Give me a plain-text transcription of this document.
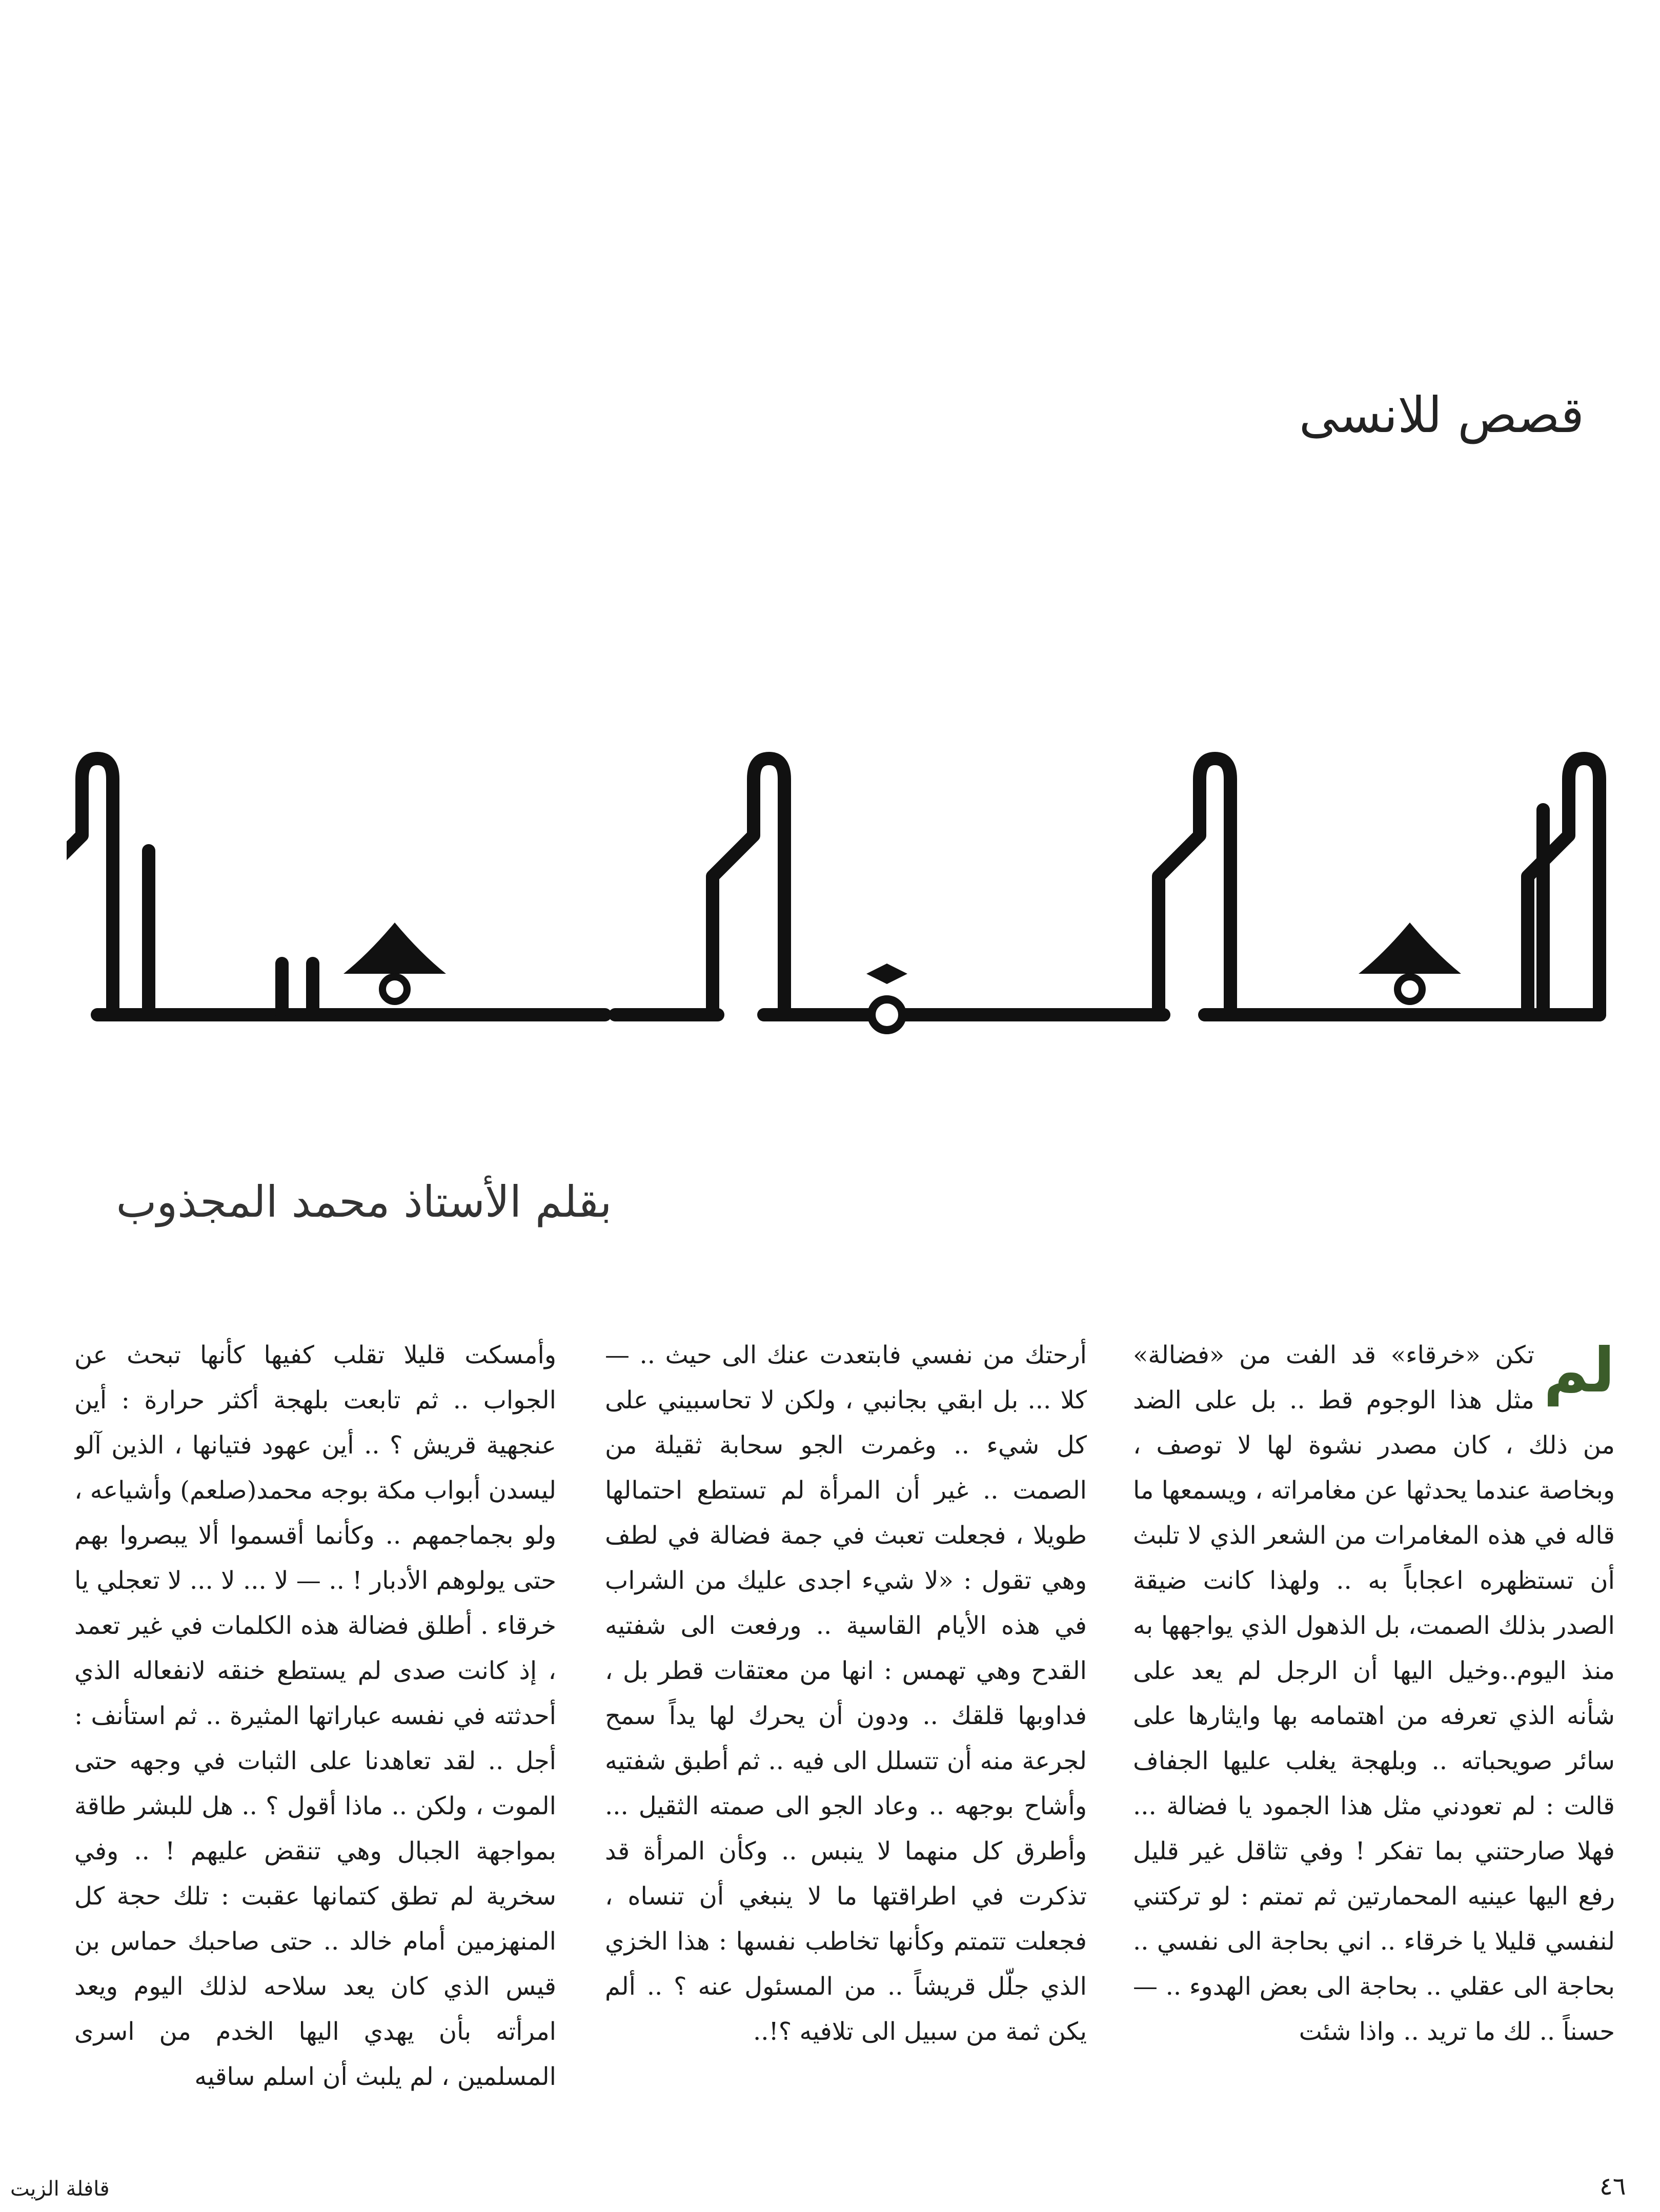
قصص للانسى
بقلم الأستاذ محمد المجذوب
لم

تكن «خرقاء» قد الفت من «فضالة» مثل هذا الوجوم قط .. بل على الضد من ذلك ، كان مصدر نشوة لها لا توصف ، وبخاصة عندما يحدثها عن مغامراته ، ويسمعها ما قاله في هذه المغامرات من الشعر الذي لا تلبث أن تستظهره اعجاباً به .. ولهذا كانت ضيقة الصدر بذلك الصمت، بل الذهول الذي يواجهها به منذ اليوم..وخيل اليها أن الرجل لم يعد على شأنه الذي تعرفه من اهتمامه بها وايثارها على سائر صويحباته .. وبلهجة يغلب عليها الجفاف قالت : لم تعودني مثل هذا الجمود يا فضالة ... فهلا صارحتني بما تفكر ! وفي تثاقل غير قليل رفع اليها عينيه المحمارتين ثم تمتم : لو تركتني لنفسي قليلا يا خرقاء .. اني بحاجة الى نفسي .. بحاجة الى عقلي .. بحاجة الى بعض الهدوء .. — حسناً .. لك ما تريد .. واذا شئت

أرحتك من نفسي فابتعدت عنك الى حيث .. — كلا ... بل ابقي بجانبي ، ولكن لا تحاسبيني على كل شيء .. وغمرت الجو سحابة ثقيلة من الصمت .. غير أن المرأة لم تستطع احتمالها طويلا ، فجعلت تعبث في جمة فضالة في لطف وهي تقول : «لا شيء اجدى عليك من الشراب في هذه الأيام القاسية .. ورفعت الى شفتيه القدح وهي تهمس : انها من معتقات قطر بل ، فداوبها قلقك .. ودون أن يحرك لها يداً سمح لجرعة منه أن تتسلل الى فيه .. ثم أطبق شفتيه وأشاح بوجهه .. وعاد الجو الى صمته الثقيل ... وأطرق كل منهما لا ينبس .. وكأن المرأة قد تذكرت في اطراقتها ما لا ينبغي أن تنساه ، فجعلت تتمتم وكأنها تخاطب نفسها : هذا الخزي الذي جلّل قريشاً .. من المسئول عنه ؟ .. ألم يكن ثمة من سبيل الى تلافيه ؟!..

وأمسكت قليلا تقلب كفيها كأنها تبحث عن الجواب .. ثم تابعت بلهجة أكثر حرارة : أين عنجهية قريش ؟ .. أين عهود فتيانها ، الذين آلو ليسدن أبواب مكة بوجه محمد(صلعم) وأشياعه ، ولو بجماجمهم .. وكأنما أقسموا ألا يبصروا بهم حتى يولوهم الأدبار ! .. — لا ... لا ... لا تعجلي يا خرقاء . أطلق فضالة هذه الكلمات في غير تعمد ، إذ كانت صدى لم يستطع خنقه لانفعاله الذي أحدثته في نفسه عباراتها المثيرة .. ثم استأنف : أجل .. لقد تعاهدنا على الثبات في وجهه حتى الموت ، ولكن .. ماذا أقول ؟ .. هل للبشر طاقة بمواجهة الجبال وهي تنقض عليهم ! .. وفي سخرية لم تطق كتمانها عقبت : تلك حجة كل المنهزمين أمام خالد .. حتى صاحبك حماس بن قيس الذي كان يعد سلاحه لذلك اليوم ويعد امرأته بأن يهدي اليها الخدم من اسرى المسلمين ، لم يلبث أن اسلم ساقيه

٤٦
قافلة الزيت
